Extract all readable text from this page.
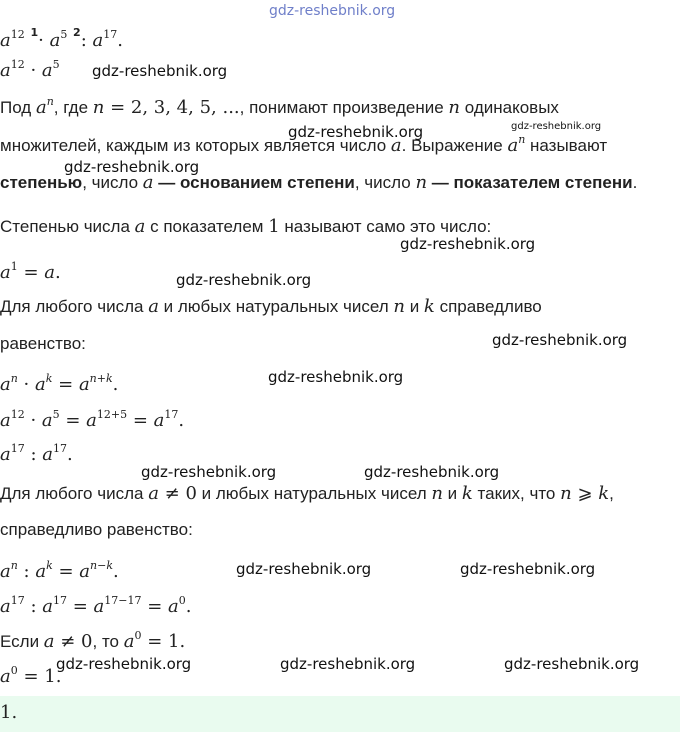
gdz-reshebnik.org
$a^{12}$ $^1\cdot a^5$ $^2$: $a^{17}$.
$a^{12} \cdot a^5$ gdz-reshebnik.org
Под $a^n$, где n = 2, 3, 4, 5, ..., понимают произведение n одинаковых
gdz-reshebnik.org	gdz-reshebnik.org
множителей, каждым из которых является число a. Выражение $a^n$ называют
gdz-reshebnik.org
степенью, число a — основанием степени, число n — показателем степени.
Степенью числа a с показателем 1 называют само это число:
gdz-reshebnik.org
$a^1 = a$.	gdz-reshebnik.org
Для любого числа a и любых натуральных чисел n и k справедливо
равенство:	gdz-reshebnik.org
$a^n \cdot a^k = a^{n+k}$.	gdz-reshebnik.org
$a^{12} \cdot a^5 = a^{12+5} = a^{17}$.
$a^{17}$ : $a^{17}$.
gdz-reshebnik.org	gdz-reshebnik.org
Для любого числа a ≠ 0 и любых натуральных чисел n и k таких, что n ⩾ k,
справедливо равенство:
$a^n$ : $a^k = a^{n-k}$.	gdz-reshebnik.org	gdz-reshebnik.org
$a^{17}$ : $a^{17} = a^{17-17} = a^0$.
Если a ≠ 0, то $a^0 = 1$.
gdz-reshebnik.org	gdz-reshebnik.org	gdz-reshebnik.org
$a^0 = 1$.
1.
